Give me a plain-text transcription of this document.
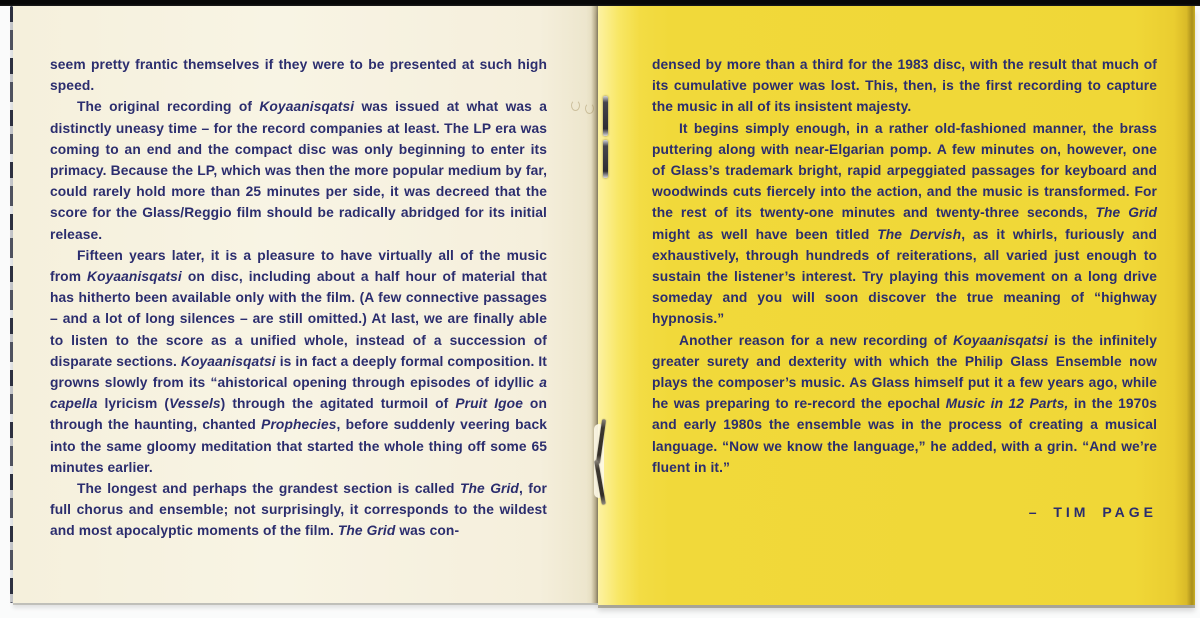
seem pretty frantic themselves if they were to be presented at such high speed.

The original recording of Koyaanisqatsi was issued at what was a distinctly uneasy time – for the record companies at least. The LP era was coming to an end and the compact disc was only beginning to enter its primacy. Because the LP, which was then the more popular medium by far, could rarely hold more than 25 minutes per side, it was decreed that the score for the Glass/Reggio film should be radically abridged for its initial release.

Fifteen years later, it is a pleasure to have virtually all of the music from Koyaanisqatsi on disc, including about a half hour of material that has hitherto been available only with the film. (A few connective passages – and a lot of long silences – are still omitted.) At last, we are finally able to listen to the score as a unified whole, instead of a succession of disparate sections. Koyaanisqatsi is in fact a deeply formal composition. It growns slowly from its “ahistorical opening through episodes of idyllic a capella lyricism (Vessels) through the agitated turmoil of Pruit Igoe on through the haunting, chanted Prophecies, before suddenly veering back into the same gloomy meditation that started the whole thing off some 65 minutes earlier.

The longest and perhaps the grandest section is called The Grid, for full chorus and ensemble; not surprisingly, it corresponds to the wildest and most apocalyptic moments of the film. The Grid was con-

densed by more than a third for the 1983 disc, with the result that much of its cumulative power was lost. This, then, is the first recording to capture the music in all of its insistent majesty.

It begins simply enough, in a rather old-fashioned manner, the brass puttering along with near-Elgarian pomp. A few minutes on, however, one of Glass’s trademark bright, rapid arpeggiated passages for keyboard and woodwinds cuts fiercely into the action, and the music is transformed. For the rest of its twenty-one minutes and twenty-three seconds, The Grid might as well have been titled The Dervish, as it whirls, furiously and exhaustively, through hundreds of reiterations, all varied just enough to sustain the listener’s interest. Try playing this movement on a long drive someday and you will soon discover the true meaning of “highway hypnosis.”

Another reason for a new recording of Koyaanisqatsi is the infinitely greater surety and dexterity with which the Philip Glass Ensemble now plays the composer’s music. As Glass himself put it a few years ago, while he was preparing to re-record the epochal Music in 12 Parts, in the 1970s and early 1980s the ensemble was in the process of creating a musical language. “Now we know the language,” he added, with a grin. “And we’re fluent in it.”

– TIM PAGE
